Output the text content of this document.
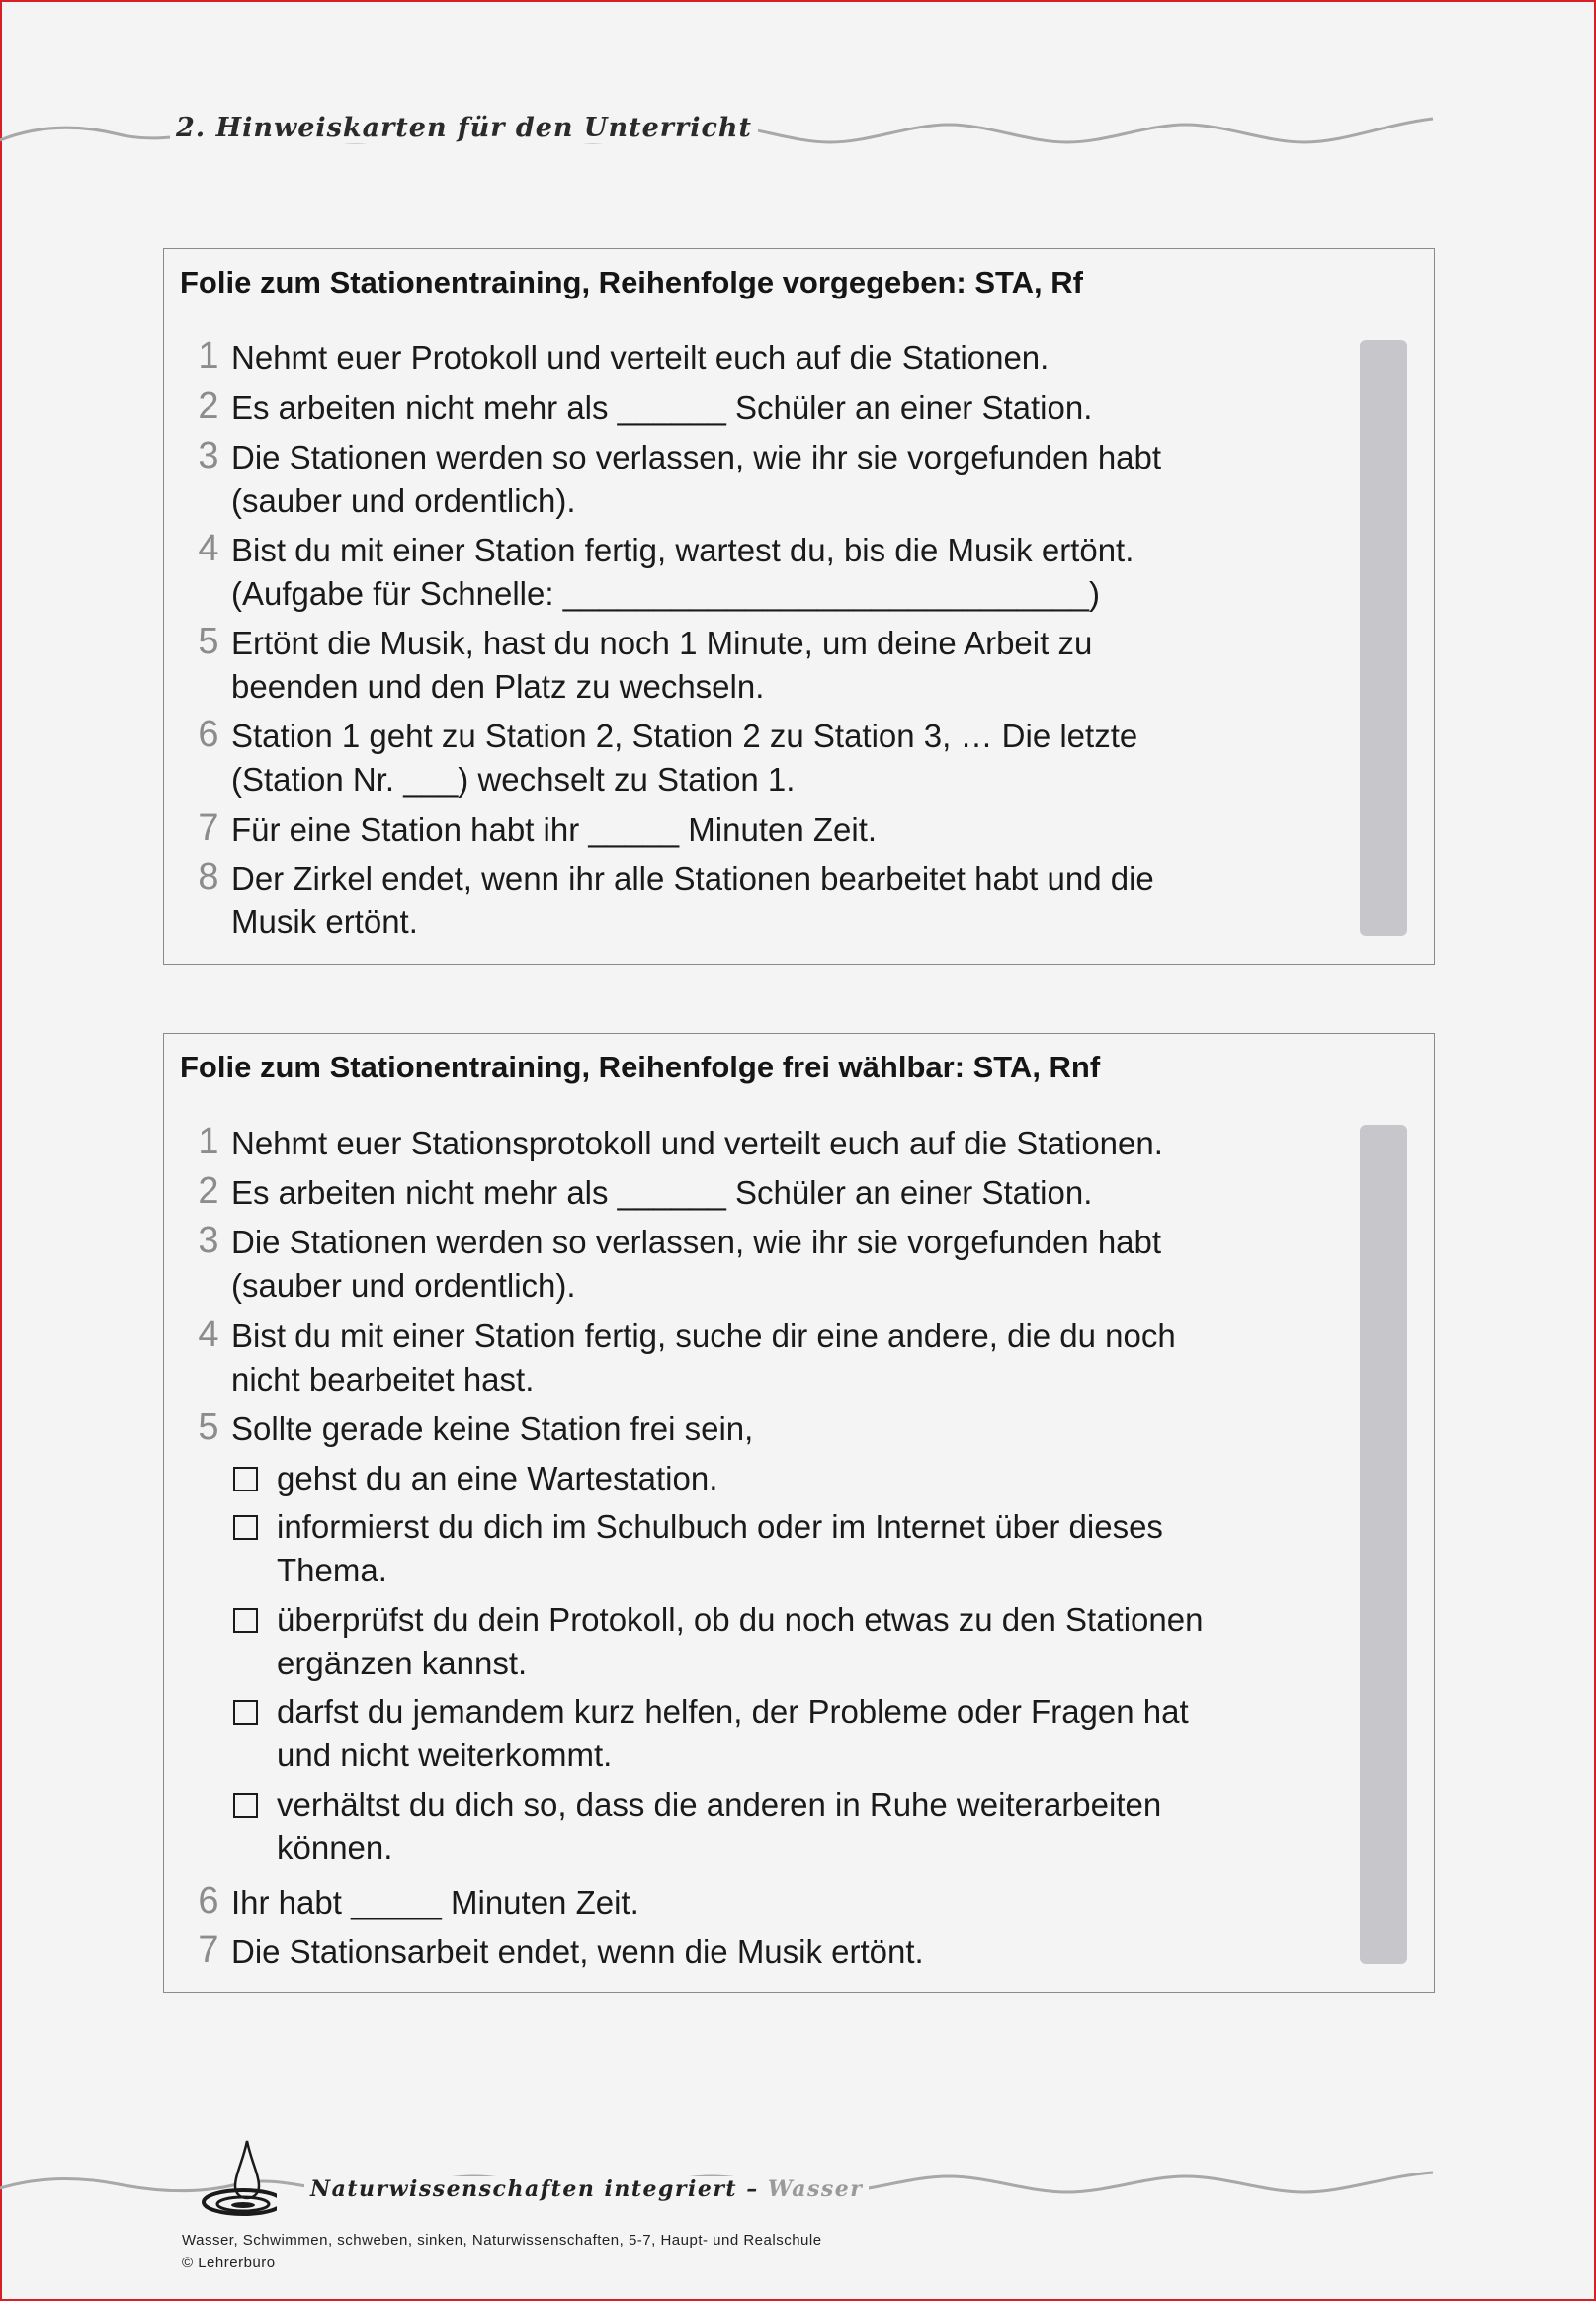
2. Hinweiskarten für den Unterricht
Folie zum Stationentraining, Reihenfolge vorgegeben: STA, Rf
1 Nehmt euer Protokoll und verteilt euch auf die Stationen.
2 Es arbeiten nicht mehr als ______ Schüler an einer Station.
3 Die Stationen werden so verlassen, wie ihr sie vorgefunden habt
(sauber und ordentlich).
4 Bist du mit einer Station fertig, wartest du, bis die Musik ertönt.
(Aufgabe für Schnelle: _____________________________)
5 Ertönt die Musik, hast du noch 1 Minute, um deine Arbeit zu
beenden und den Platz zu wechseln.
6 Station 1 geht zu Station 2, Station 2 zu Station 3, … Die letzte
(Station Nr. ___) wechselt zu Station 1.
7 Für eine Station habt ihr _____ Minuten Zeit.
8 Der Zirkel endet, wenn ihr alle Stationen bearbeitet habt und die
Musik ertönt.
Folie zum Stationentraining, Reihenfolge frei wählbar: STA, Rnf
1 Nehmt euer Stationsprotokoll und verteilt euch auf die Stationen.
2 Es arbeiten nicht mehr als ______ Schüler an einer Station.
3 Die Stationen werden so verlassen, wie ihr sie vorgefunden habt
(sauber und ordentlich).
4 Bist du mit einer Station fertig, suche dir eine andere, die du noch
nicht bearbeitet hast.
5 Sollte gerade keine Station frei sein,
gehst du an eine Wartestation.
informierst du dich im Schulbuch oder im Internet über dieses
Thema.
überprüfst du dein Protokoll, ob du noch etwas zu den Stationen
ergänzen kannst.
darfst du jemandem kurz helfen, der Probleme oder Fragen hat
und nicht weiterkommt.
verhältst du dich so, dass die anderen in Ruhe weiterarbeiten
können.
6 Ihr habt _____ Minuten Zeit.
7 Die Stationsarbeit endet, wenn die Musik ertönt.
Naturwissenschaften integriert – Wasser
Wasser, Schwimmen, schweben, sinken, Naturwissenschaften, 5-7, Haupt- und Realschule
© Lehrerbüro
